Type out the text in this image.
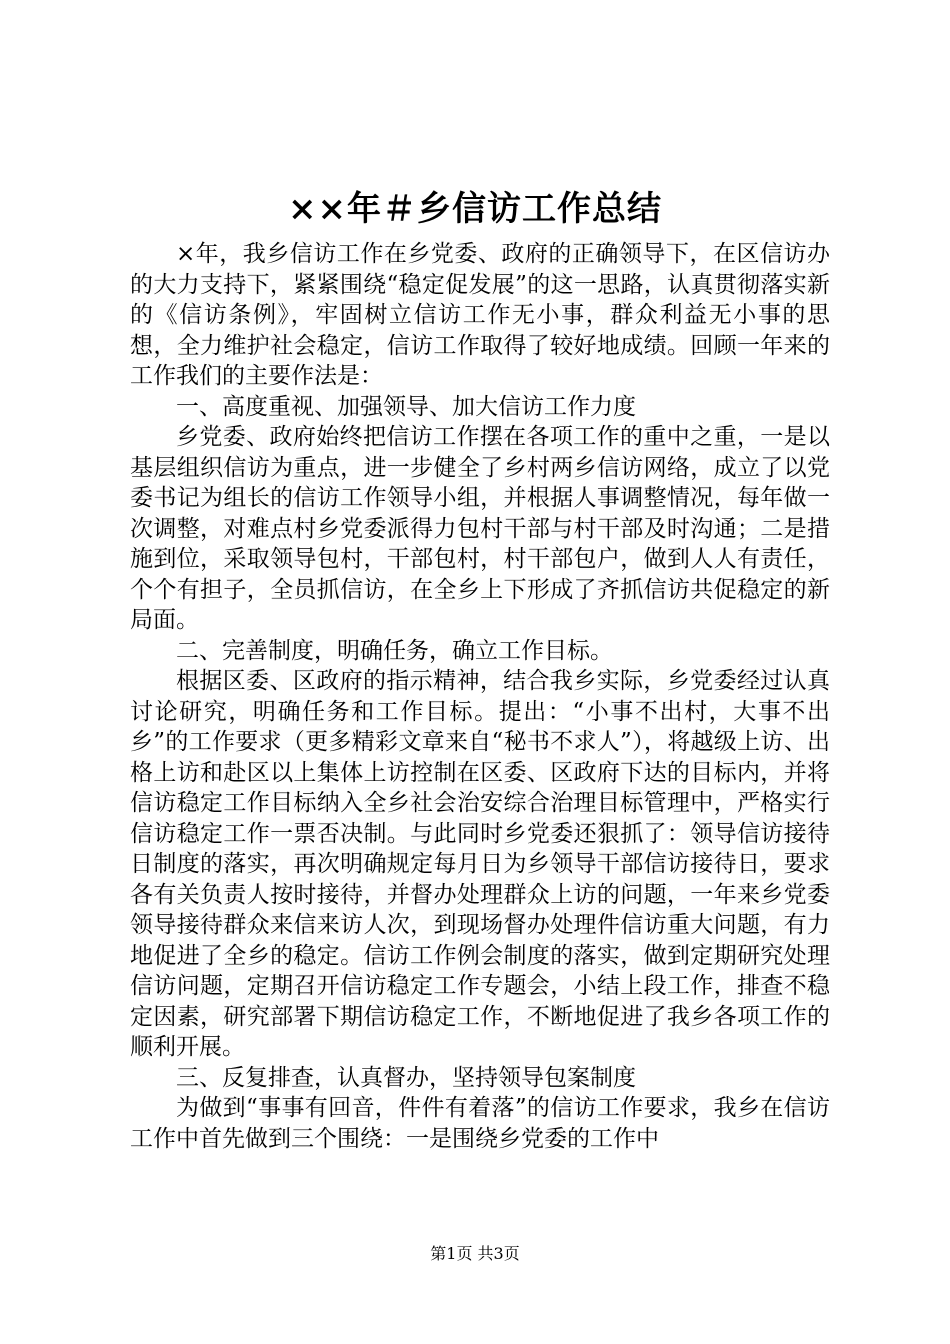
××年＃乡信访工作总结

×年，我乡信访工作在乡党委、政府的正确领导下，在区信访办的大力支持下，紧紧围绕“稳定促发展”的这一思路，认真贯彻落实新的《信访条例》，牢固树立信访工作无小事，群众利益无小事的思想，全力维护社会稳定，信访工作取得了较好地成绩。回顾一年来的工作我们的主要作法是：

一、高度重视、加强领导、加大信访工作力度

乡党委、政府始终把信访工作摆在各项工作的重中之重，一是以基层组织信访为重点，进一步健全了乡村两乡信访网络，成立了以党委书记为组长的信访工作领导小组，并根据人事调整情况，每年做一次调整，对难点村乡党委派得力包村干部与村干部及时沟通；二是措施到位，采取领导包村，干部包村，村干部包户，做到人人有责任，个个有担子，全员抓信访，在全乡上下形成了齐抓信访共促稳定的新局面。

二、完善制度，明确任务，确立工作目标。

根据区委、区政府的指示精神，结合我乡实际，乡党委经过认真讨论研究，明确任务和工作目标。提出：“小事不出村，大事不出乡”的工作要求（更多精彩文章来自“秘书不求人”），将越级上访、出格上访和赴区以上集体上访控制在区委、区政府下达的目标内，并将信访稳定工作目标纳入全乡社会治安综合治理目标管理中，严格实行信访稳定工作一票否决制。与此同时乡党委还狠抓了：领导信访接待日制度的落实，再次明确规定每月日为乡领导干部信访接待日，要求各有关负责人按时接待，并督办处理群众上访的问题，一年来乡党委领导接待群众来信来访人次，到现场督办处理件信访重大问题，有力地促进了全乡的稳定。信访工作例会制度的落实，做到定期研究处理信访问题，定期召开信访稳定工作专题会，小结上段工作，排查不稳定因素，研究部署下期信访稳定工作，不断地促进了我乡各项工作的顺利开展。

三、反复排查，认真督办，坚持领导包案制度

为做到“事事有回音，件件有着落”的信访工作要求，我乡在信访工作中首先做到三个围绕：一是围绕乡党委的工作中

第1页 共3页
